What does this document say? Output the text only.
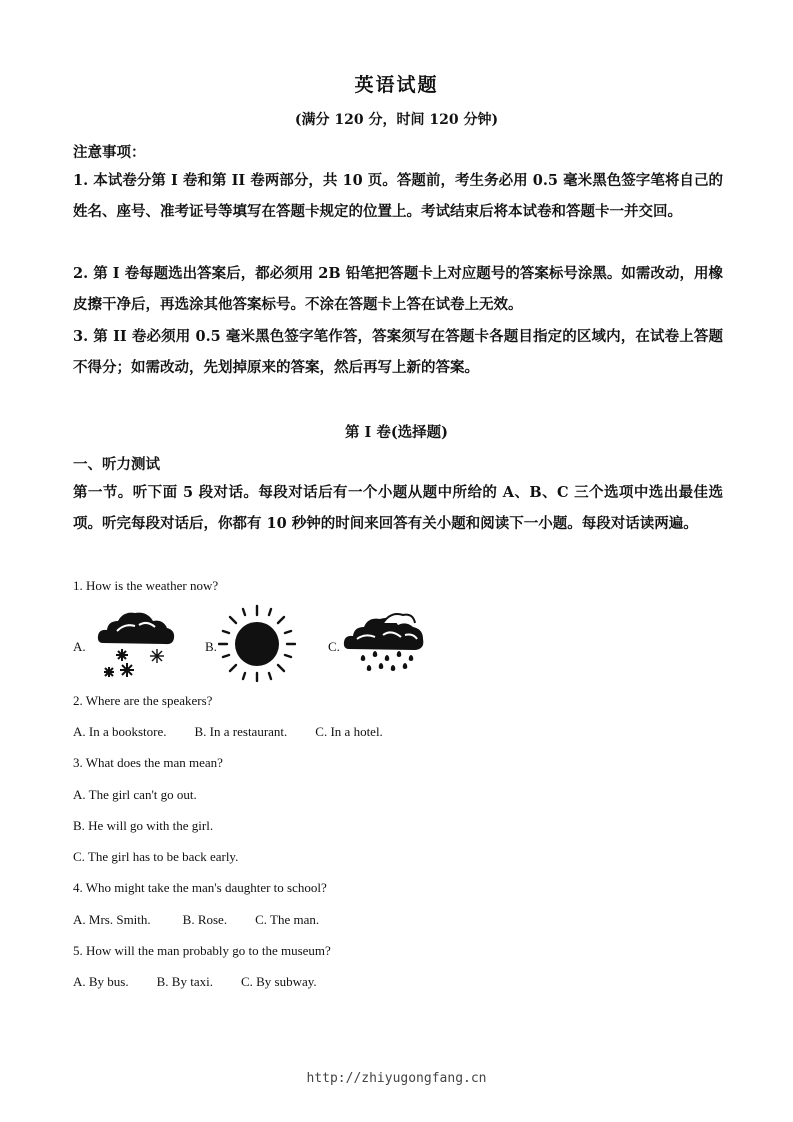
英语试题
(满分 120 分，时间 120 分钟)
注意事项：
1. 本试卷分第 I 卷和第 II 卷两部分，共 10 页。答题前，考生务必用 0.5 毫米黑色签字笔将自己的姓名、座号、准考证号等填写在答题卡规定的位置上。考试结束后将本试卷和答题卡一并交回。
2. 第 I 卷每题选出答案后，都必须用 2B 铅笔把答题卡上对应题号的答案标号涂黑。如需改动，用橡皮擦干净后，再选涂其他答案标号。不涂在答题卡上答在试卷上无效。
3. 第 II 卷必须用 0.5 毫米黑色签字笔作答，答案须写在答题卡各题目指定的区域内，在试卷上答题不得分；如需改动，先划掉原来的答案，然后再写上新的答案。
第 I 卷(选择题)
一、听力测试
第一节。听下面 5 段对话。每段对话后有一个小题从题中所给的 A、B、C 三个选项中选出最佳选项。听完每段对话后，你都有 10 秒钟的时间来回答有关小题和阅读下一小题。每段对话读两遍。
1. How is the weather now?
A.	B.	C.
2. Where are the speakers?
A. In a bookstore. B. In a restaurant. C. In a hotel.
3. What does the man mean?
A. The girl can't go out.
B. He will go with the girl.
C. The girl has to be back early.
4. Who might take the man's daughter to school?
A. Mrs. Smith. B. Rose. C. The man.
5. How will the man probably go to the museum?
A. By bus. B. By taxi. C. By subway.
http://zhiyugongfang.cn
